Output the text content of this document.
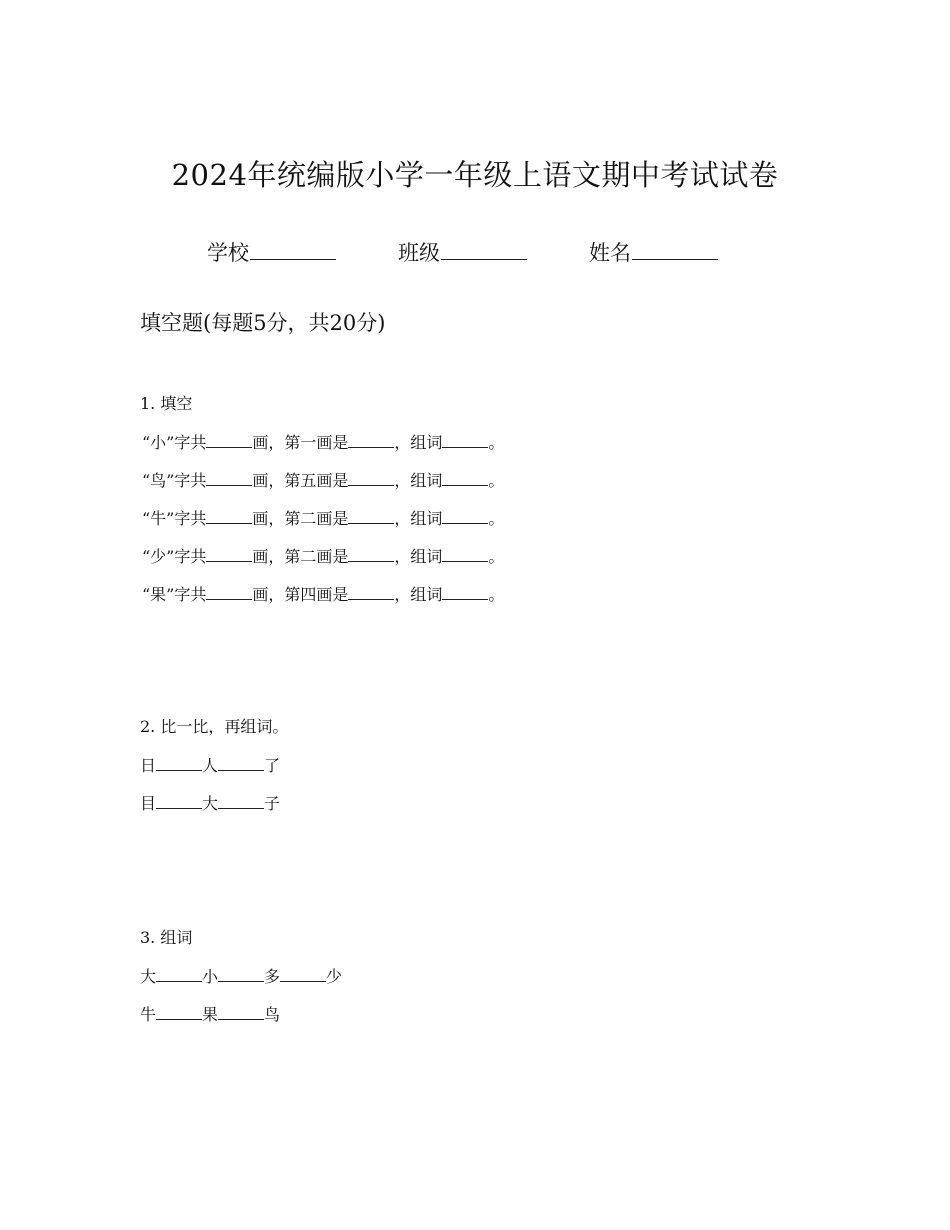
2024年统编版小学一年级上语文期中考试试卷
学校	班级	姓名
填空题(每题5分，共20分)
1. 填空
“小”字共	画，第一画是	，组词	。
“鸟”字共	画，第五画是	，组词	。
“牛”字共	画，第二画是	，组词	。
“少”字共	画，第二画是	，组词	。
“果”字共	画，第四画是	，组词	。
2. 比一比，再组词。
日	人	了
目	大	子
3. 组词
大	小	多	少
牛	果	鸟
